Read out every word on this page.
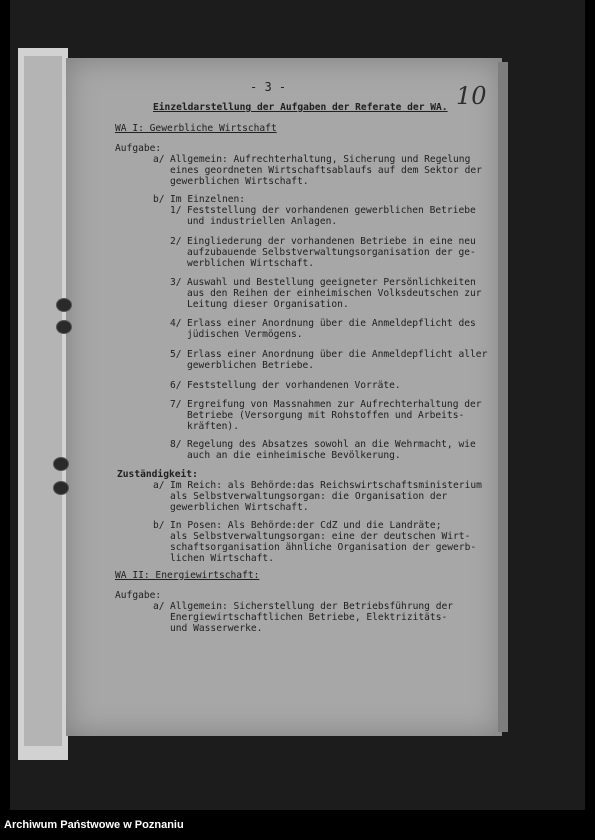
- 3 -	10
Einzeldarstellung der Aufgaben der Referate der WA.
WA I: Gewerbliche Wirtschaft
Aufgabe:
a/ Allgemein: Aufrechterhaltung, Sicherung und Regelung
eines geordneten Wirtschaftsablaufs auf dem Sektor der
gewerblichen Wirtschaft.
b/ Im Einzelnen:
1/ Feststellung der vorhandenen gewerblichen Betriebe
und industriellen Anlagen.
2/ Eingliederung der vorhandenen Betriebe in eine neu
aufzubauende Selbstverwaltungsorganisation der ge-
werblichen Wirtschaft.
3/ Auswahl und Bestellung geeigneter Persönlichkeiten
aus den Reihen der einheimischen Volksdeutschen zur
Leitung dieser Organisation.
4/ Erlass einer Anordnung über die Anmeldepflicht des
jüdischen Vermögens.
5/ Erlass einer Anordnung über die Anmeldepflicht aller
gewerblichen Betriebe.
6/ Feststellung der vorhandenen Vorräte.
7/ Ergreifung von Massnahmen zur Aufrechterhaltung der
Betriebe (Versorgung mit Rohstoffen und Arbeits-
kräften).
8/ Regelung des Absatzes sowohl an die Wehrmacht, wie
auch an die einheimische Bevölkerung.
Zuständigkeit:
a/ Im Reich: als Behörde:das Reichswirtschaftsministerium
als Selbstverwaltungsorgan: die Organisation der
gewerblichen Wirtschaft.
b/ In Posen: Als Behörde:der CdZ und die Landräte;
als Selbstverwaltungsorgan: eine der deutschen Wirt-
schaftsorganisation ähnliche Organisation der gewerb-
lichen Wirtschaft.
WA II: Energiewirtschaft:
Aufgabe:
a/ Allgemein: Sicherstellung der Betriebsführung der
Energiewirtschaftlichen Betriebe, Elektrizitäts-
und Wasserwerke.
Archiwum Państwowe w Poznaniu
